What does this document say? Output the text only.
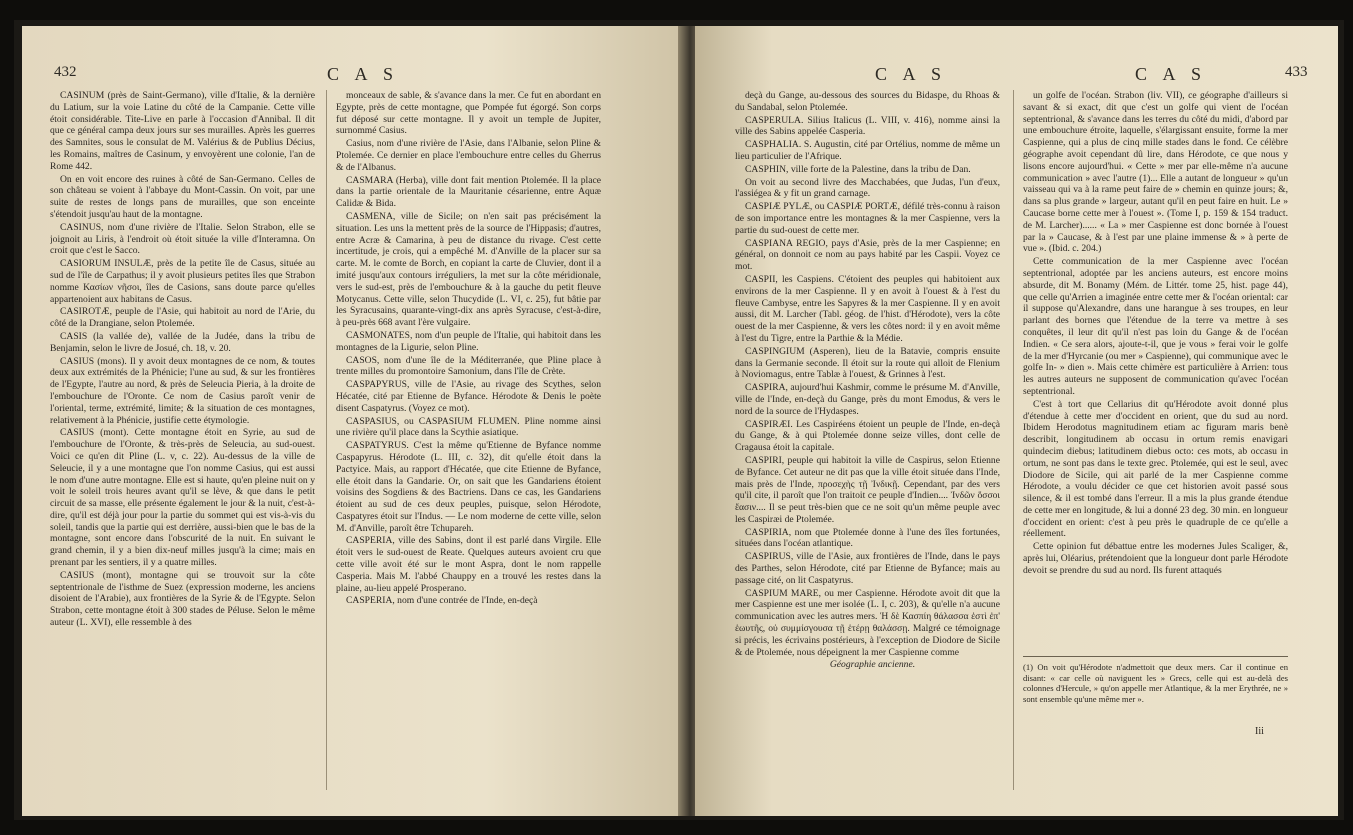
432	C A S

CASINUM (près de Saint-Germano), ville d'Italie, & la dernière du Latium, sur la voie Latine du côté de la Campanie. Cette ville étoit considérable. Tite-Live en parle à l'occasion d'Annibal. Il dit que ce général campa deux jours sur ses murailles. Après les guerres des Samnites, sous le consulat de M. Valérius & de Publius Décius, les Romains, maîtres de Casinum, y envoyèrent une colonie, l'an de Rome 442.

On en voit encore des ruines à côté de San-Germano. Celles de son château se voient à l'abbaye du Mont-Cassin. On voit, par une suite de restes de longs pans de murailles, que son enceinte s'étendoit jusqu'au haut de la montagne.

CASINUS, nom d'une rivière de l'Italie. Selon Strabon, elle se joignoit au Liris, à l'endroit où étoit située la ville d'Interamna. On croit que c'est le Sacco.

CASIORUM INSULÆ, près de la petite île de Casus, située au sud de l'île de Carpathus; il y avoit plusieurs petites îles que Strabon nomme Κασίων νῆσοι, îles de Casions, sans doute parce qu'elles appartenoient aux habitans de Casus.

CASIROTÆ, peuple de l'Asie, qui habitoit au nord de l'Arie, du côté de la Drangiane, selon Ptolemée.

CASIS (la vallée de), vallée de la Judée, dans la tribu de Benjamin, selon le livre de Josué, ch. 18, v. 20.

CASIUS (mons). Il y avoit deux montagnes de ce nom, & toutes deux aux extrémités de la Phénicie; l'une au sud, & sur les frontières de l'Egypte, l'autre au nord, & près de Seleucia Pieria, à la droite de l'embouchure de l'Oronte. Ce nom de Casius paroît venir de l'oriental, terme, extrémité, limite; & la situation de ces montagnes, relativement à la Phénicie, justifie cette étymologie.

CASIUS (mont). Cette montagne étoit en Syrie, au sud de l'embouchure de l'Oronte, & très-près de Seleucia, au sud-ouest. Voici ce qu'en dit Pline (L. v, c. 22). Au-dessus de la ville de Seleucie, il y a une montagne que l'on nomme Casius, qui est aussi le nom d'une autre montagne. Elle est si haute, qu'en pleine nuit on y voit le soleil trois heures avant qu'il se lève, & que dans le petit circuit de sa masse, elle présente également le jour & la nuit, c'est-à-dire, qu'il est déjà jour pour la partie du sommet qui est vis-à-vis du soleil, tandis que la partie qui est derrière, aussi-bien que le bas de la montagne, sont encore dans l'obscurité de la nuit. En suivant le grand chemin, il y a bien dix-neuf milles jusqu'à la cime; mais en prenant par les sentiers, il y a quatre milles.

CASIUS (mont), montagne qui se trouvoit sur la côte septentrionale de l'isthme de Suez (expression moderne, les anciens disoient de l'Arabie), aux frontières de la Syrie & de l'Egypte. Selon Strabon, cette montagne étoit à 300 stades de Péluse. Selon le même auteur (L. XVI), elle ressemble à des

monceaux de sable, & s'avance dans la mer. Ce fut en abordant en Egypte, près de cette montagne, que Pompée fut égorgé. Son corps fut déposé sur cette montagne. Il y avoit un temple de Jupiter, surnommé Casius.

Casius, nom d'une rivière de l'Asie, dans l'Albanie, selon Pline & Ptolemée. Ce dernier en place l'embouchure entre celles du Gherrus & de l'Albanus.

CASMARA (Herba), ville dont fait mention Ptolemée. Il la place dans la partie orientale de la Mauritanie césarienne, entre Aquæ Calidæ & Bida.

CASMENA, ville de Sicile; on n'en sait pas précisément la situation. Les uns la mettent près de la source de l'Hippasis; d'autres, entre Acræ & Camarina, à peu de distance du rivage. C'est cette incertitude, je crois, qui a empêché M. d'Anville de la placer sur sa carte. M. le comte de Borch, en copiant la carte de Cluvier, dont il a imité jusqu'aux contours irréguliers, la met sur la côte méridionale, vers le sud-est, près de l'embouchure & à la gauche du petit fleuve Motycanus. Cette ville, selon Thucydide (L. VI, c. 25), fut bâtie par les Syracusains, quarante-vingt-dix ans après Syracuse, c'est-à-dire, à peu-près 668 avant l'ère vulgaire.

CASMONATES, nom d'un peuple de l'Italie, qui habitoit dans les montagnes de la Ligurie, selon Pline.

CASOS, nom d'une île de la Méditerranée, que Pline place à trente milles du promontoire Samonium, dans l'île de Crète.

CASPAPYRUS, ville de l'Asie, au rivage des Scythes, selon Hécatée, cité par Etienne de Byfance. Hérodote & Denis le poète disent Caspatyrus. (Voyez ce mot).

CASPASIUS, ou CASPASIUM FLUMEN. Pline nomme ainsi une rivière qu'il place dans la Scythie asiatique.

CASPATYRUS. C'est la même qu'Etienne de Byfance nomme Caspapyrus. Hérodote (L. III, c. 32), dit qu'elle étoit dans la Pactyice. Mais, au rapport d'Hécatée, que cite Etienne de Byfance, elle étoit dans la Gandarie. Or, on sait que les Gandariens étoient voisins des Sogdiens & des Bactriens. Dans ce cas, les Gandariens étoient au sud de ces deux peuples, puisque, selon Hérodote, Caspatyres étoit sur l'Indus. — Le nom moderne de cette ville, selon M. d'Anville, paroît être Tchupareh.

CASPERIA, ville des Sabins, dont il est parlé dans Virgile. Elle étoit vers le sud-ouest de Reate. Quelques auteurs avoient cru que cette ville avoit été sur le mont Aspra, dont le nom rappelle Casperia. Mais M. l'abbé Chauppy en a trouvé les restes dans la plaine, au-lieu appelé Prosperano.

CASPERIA, nom d'une contrée de l'Inde, en-deçà

C A S	C A S	433

deçà du Gange, au-dessous des sources du Bidaspe, du Rhoas & du Sandabal, selon Ptolemée.

CASPERULA. Silius Italicus (L. VIII, v. 416), nomme ainsi la ville des Sabins appelée Casperia.

CASPHALIA. S. Augustin, cité par Ortélius, nomme de même un lieu particulier de l'Afrique.

CASPHIN, ville forte de la Palestine, dans la tribu de Dan.

On voit au second livre des Macchabées, que Judas, l'un d'eux, l'assiégea & y fit un grand carnage.

CASPIÆ PYLÆ, ou CASPIÆ PORTÆ, défilé très-connu à raison de son importance entre les montagnes & la mer Caspienne, vers la partie du sud-ouest de cette mer.

CASPIANA REGIO, pays d'Asie, près de la mer Caspienne; en général, on donnoit ce nom au pays habité par les Caspii. Voyez ce mot.

CASPII, les Caspiens. C'étoient des peuples qui habitoient aux environs de la mer Caspienne. Il y en avoit à l'ouest & à l'est du fleuve Cambyse, entre les Sapyres & la mer Caspienne. Il y en avoit aussi, dit M. Larcher (Tabl. géog. de l'hist. d'Hérodote), vers la côte ouest de la mer Caspienne, & vers les côtes nord: il y en avoit même à l'est du Tigre, entre la Parthie & la Médie.

CASPINGIUM (Asperen), lieu de la Batavie, compris ensuite dans la Germanie seconde. Il étoit sur la route qui alloit de Flenium à Noviomagus, entre Tablæ à l'ouest, & Grinnes à l'est.

CASPIRA, aujourd'hui Kashmir, comme le présume M. d'Anville, ville de l'Inde, en-deçà du Gange, près du mont Emodus, & vers le nord de la source de l'Hydaspes.

CASPIRÆI. Les Caspiréens étoient un peuple de l'Inde, en-deçà du Gange, & à qui Ptolemée donne seize villes, dont celle de Cragausa étoit la capitale.

CASPIRI, peuple qui habitoit la ville de Caspirus, selon Etienne de Byfance. Cet auteur ne dit pas que la ville étoit située dans l'Inde, mais près de l'Inde, προσεχὴς τῇ Ἰνδικῇ. Cependant, par des vers qu'il cite, il paroît que l'on traitoit ce peuple d'Indien.... Ἰνδῶν ὅσσοι ἔασιν.... Il se peut très-bien que ce ne soit qu'un même peuple avec les Caspiræi de Ptolemée.

CASPIRIA, nom que Ptolemée donne à l'une des îles fortunées, situées dans l'océan atlantique.

CASPIRUS, ville de l'Asie, aux frontières de l'Inde, dans le pays des Parthes, selon Hérodote, cité par Etienne de Byfance; mais au passage cité, on lit Caspatyrus.

CASPIUM MARE, ou mer Caspienne. Hérodote avoit dit que la mer Caspienne est une mer isolée (L. I, c. 203), & qu'elle n'a aucune communication avec les autres mers. Ἡ δὲ Κασπίη θάλασσα ἐστὶ ἐπ' ἑωυτῆς, οὐ συμμίσγουσα τῇ ἑτέρῃ θαλάσσῃ. Malgré ce témoignage si précis, les écrivains postérieurs, à l'exception de Diodore de Sicile & de Ptolemée, nous dépeignent la mer Caspienne comme

Géographie ancienne.

un golfe de l'océan. Strabon (liv. VII), ce géographe d'ailleurs si savant & si exact, dit que c'est un golfe qui vient de l'océan septentrional, & s'avance dans les terres du côté du midi, d'abord par une embouchure étroite, laquelle, s'élargissant ensuite, forme la mer Caspienne, qui a plus de cinq mille stades dans le fond. Ce célèbre géographe avoit cependant dû lire, dans Hérodote, ce que nous y lisons encore aujourd'hui. « Cette » mer par elle-même n'a aucune communication » avec l'autre (1)... Elle a autant de longueur » qu'un vaisseau qui va à la rame peut faire de » chemin en quinze jours; &, dans sa plus grande » largeur, autant qu'il en peut faire en huit. Le » Caucase borne cette mer à l'ouest ». (Tome I, p. 159 & 154 traduct. de M. Larcher)...... « La » mer Caspienne est donc bornée à l'ouest par la » Caucase, & à l'est par une plaine immense & » à perte de vue ». (Ibid. c. 204.)

Cette communication de la mer Caspienne avec l'océan septentrional, adoptée par les anciens auteurs, est encore moins absurde, dit M. Bonamy (Mém. de Littér. tome 25, hist. page 44), que celle qu'Arrien a imaginée entre cette mer & l'océan oriental: car il suppose qu'Alexandre, dans une harangue à ses troupes, en leur parlant des bornes que l'étendue de la terre va mettre à ses conquêtes, il leur dit qu'il n'est pas loin du Gange & de l'océan Indien. « Ce sera alors, ajoute-t-il, que je vous » ferai voir le golfe de la mer d'Hyrcanie (ou mer » Caspienne), qui communique avec le golfe In- » dien ». Mais cette chimère est particulière à Arrien: tous les autres auteurs ne supposent de communication qu'avec l'océan septentrional.

C'est à tort que Cellarius dit qu'Hérodote avoit donné plus d'étendue à cette mer d'occident en orient, que du sud au nord. Ibidem Herodotus magnitudinem etiam ac figuram maris benè describit, longitudinem ab occasu in ortum remis enavigari quindecim diebus; latitudinem diebus octo: ces mots, ab occasu in ortum, ne sont pas dans le texte grec. Ptolemée, qui est le seul, avec Diodore de Sicile, qui ait parlé de la mer Caspienne comme Hérodote, a voulu décider ce que cet historien avoit passé sous silence, & il est tombé dans l'erreur. Il a mis la plus grande étendue de cette mer en longitude, & lui a donné 23 deg. 30 min. en longueur d'occident en orient: c'est à peu près le quadruple de ce qu'elle a réellement.

Cette opinion fut débattue entre les modernes Jules Scaliger, &, après lui, Oléarius, prétendoient que la longueur dont parle Hérodote devoit se prendre du sud au nord. Ils furent attaqués

(1) On voit qu'Hérodote n'admettoit que deux mers. Car il continue en disant: « car celle où naviguent les » Grecs, celle qui est au-delà des colonnes d'Hercule, » qu'on appelle mer Atlantique, & la mer Erythrée, ne » sont ensemble qu'une même mer ».
Iii
